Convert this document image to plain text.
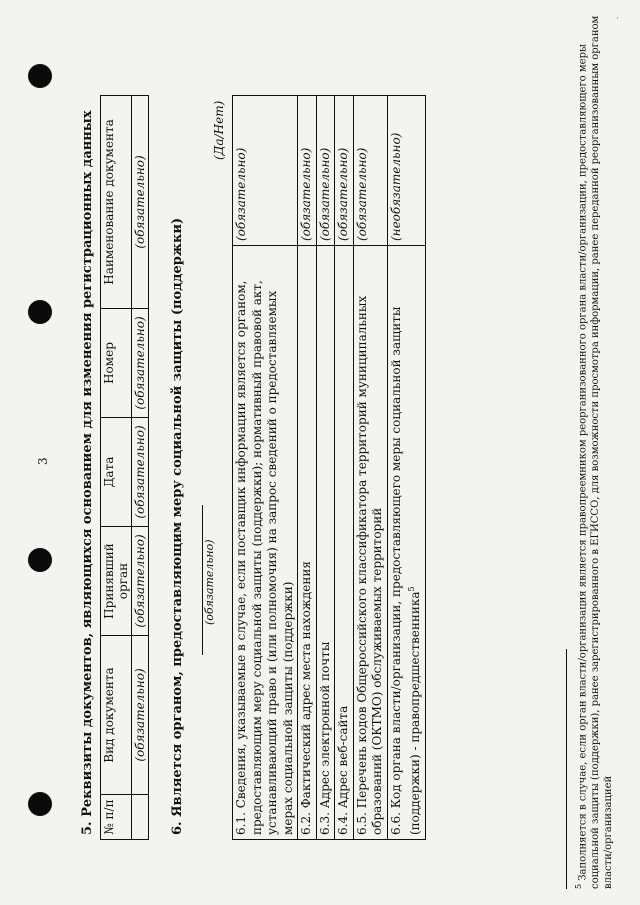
·
3 5. Реквизиты документов, являющихся основанием для изменения регистрационных данных № п/п	Вид документа	Принявший орган	Дата	Номер	Наименование документа
	(обязательно)	(обязательно)	(обязательно)	(обязательно)	(обязательно)
6. Является органом, предоставляющим меру социальной защиты (поддержки) (обязательно)
(Да/Нет)
6.1. Сведения, указываемые в случае, если поставщик информации является органом, предоставляющим меру социальной защиты (поддержки); нормативный правовой акт, устанавливающий право и (или полномочия) на запрос сведений о предоставляемых мерах социальной защиты (поддержки)	(обязательно)
6.2. Фактический адрес места нахождения	(обязательно)
6.3. Адрес электронной почты	(обязательно)
6.4. Адрес веб-сайта	(обязательно)
6.5. Перечень кодов Общероссийского классификатора территорий муниципальных образований (ОКТМО) обслуживаемых территорий	(обязательно)
6.6. Код органа власти/организации, предоставляющего меры социальной защиты (поддержки) - правопредшественника$^5$	(необязательно)
$^5$ Заполняется в случае, если орган власти/организация является правопреемником реорганизованного органа власти/организации, предоставляющего меры социальной защиты (поддержки), ранее зарегистрированного в ЕГИССО, для возможности просмотра информации, ранее переданной реорганизованным органом власти/организацией
